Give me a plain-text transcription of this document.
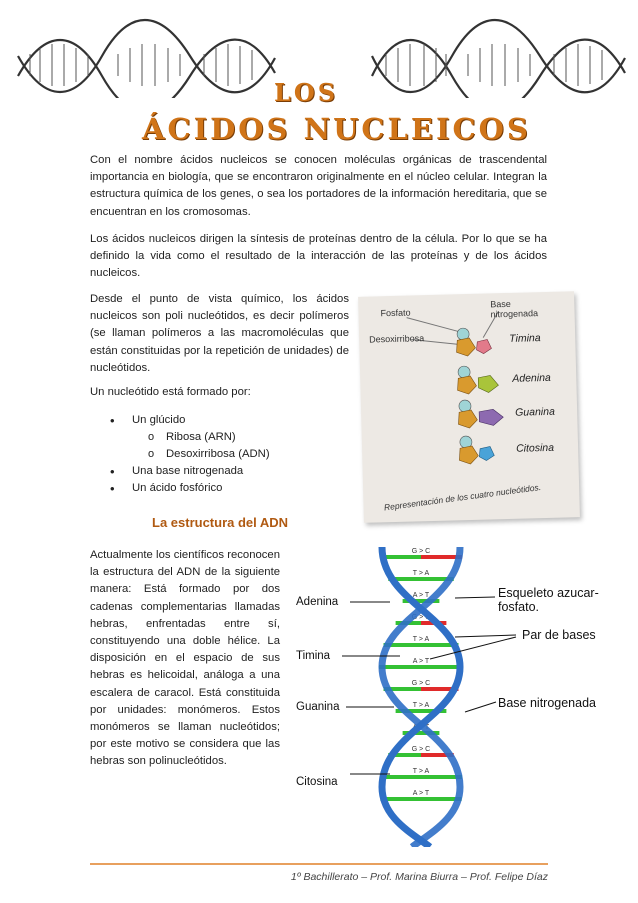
LOS
ÁCIDOS NUCLEICOS

Con el nombre ácidos nucleicos se conocen moléculas orgánicas de trascendental importancia en biología, que se encontraron originalmente en el núcleo celular. Integran la estructura química de los genes, o sea los portadores de la información hereditaria, que se encuentran en los cromosomas.

Los ácidos nucleicos dirigen la síntesis de proteínas dentro de la célula. Por lo que se ha definido la vida como el resultado de la interacción de las proteínas y de los ácidos nucleicos.

Desde el punto de vista químico, los ácidos nucleicos son poli nucleótidos, es decir polímeros (se llaman polímeros a las macromoléculas que están constituidas por la repetición de unidades) de nucleótidos.

Un nucleótido está formado por:

• Un glúcido
o Ribosa (ARN)
o Desoxirribosa (ADN)
• Una base nitrogenada
• Un ácido fosfórico
Fosfato
Desoxirribosa
Base nitrogenada
Timina
Adenina
Guanina
Citosina
Representación de los cuatro nucleótidos.
La estructura del ADN

Actualmente los científicos reconocen la estructura del ADN de la siguiente manera: Está formado por dos cadenas complementarias llamadas hebras, enfrentadas entre sí, constituyendo una doble hélice. La disposición en el espacio de sus hebras es helicoidal, análoga a una escalera de caracol. Está constituida por unidades: monómeros. Estos monómeros se llaman nucleótidos; por este motivo se considera que las hebras son polinucleótidos.

G > C
T > A
A > T
G > C
T > A
A > T
G > C
T > A
A > T
G > C
T > A
A > T
Adenina
Timina
Guanina
Citosina
Esqueleto azucar- fosfato.
Par de bases
Base nitrogenada
1º Bachillerato – Prof. Marina Biurra – Prof. Felipe Díaz
